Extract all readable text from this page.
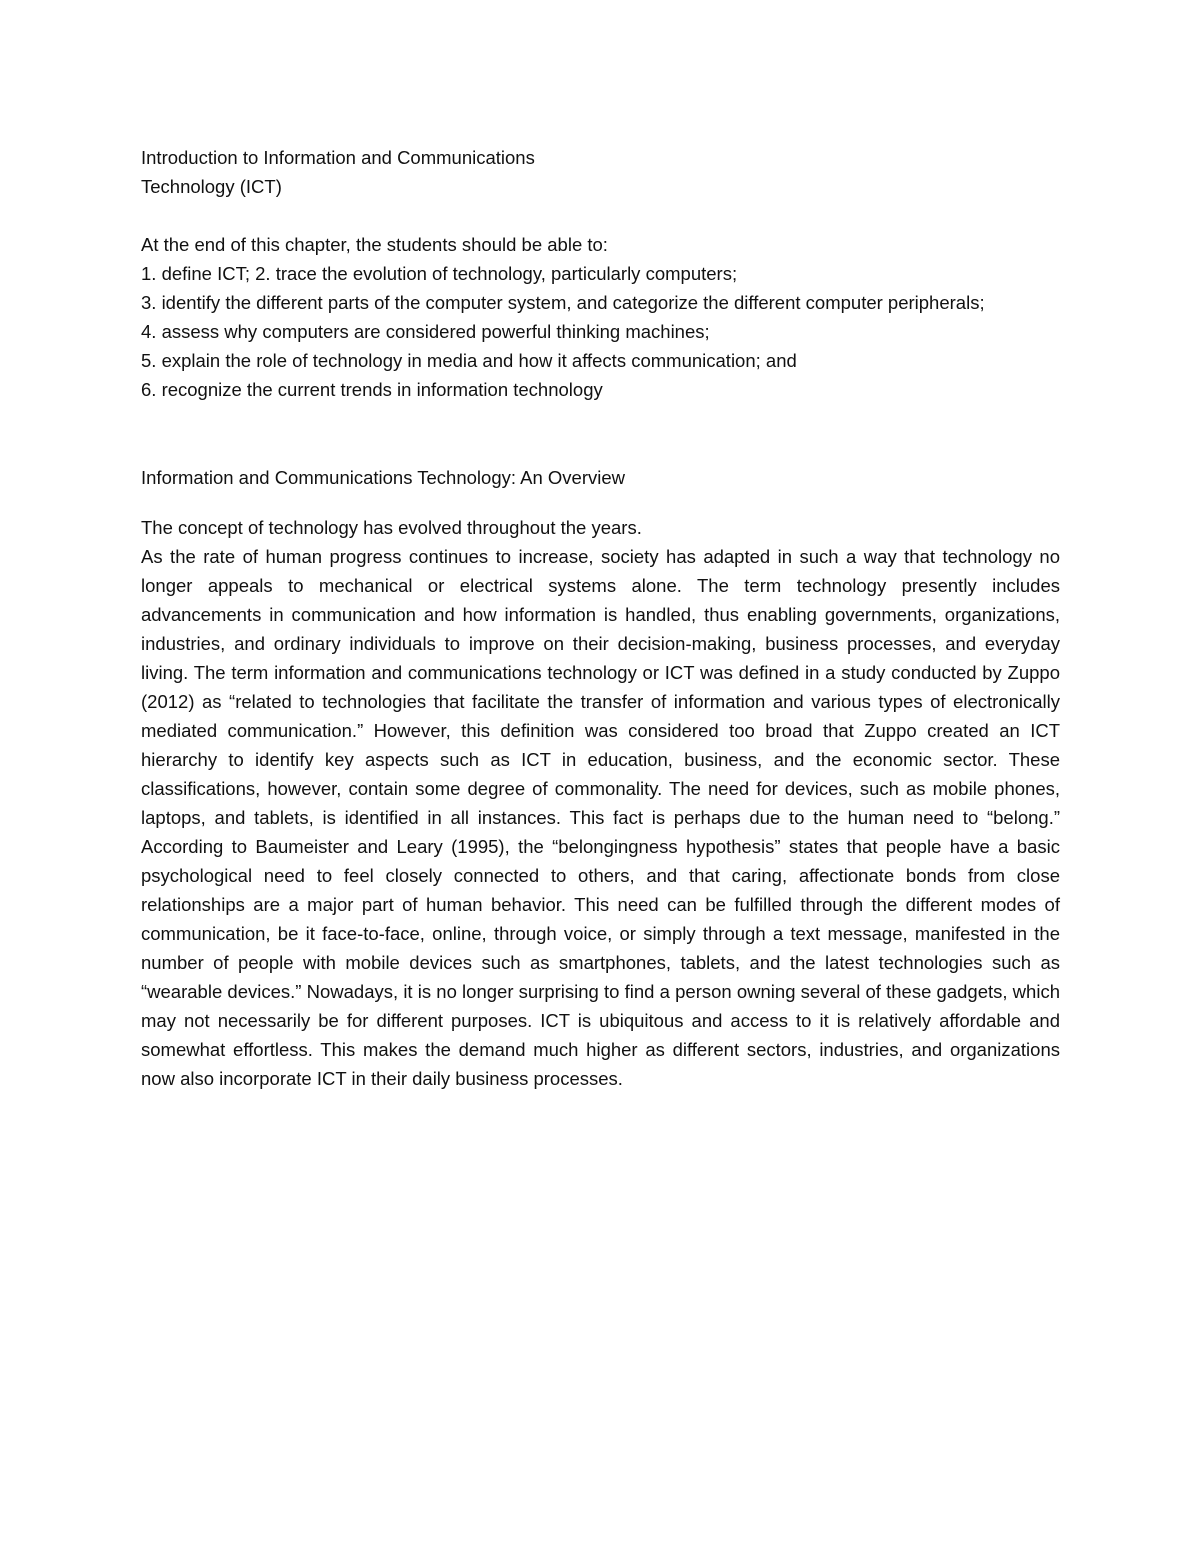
Introduction to Information and Communications

Technology (ICT)

At the end of this chapter, the students should be able to:

1. define ICT; 2. trace the evolution of technology, particularly computers;

3. identify the different parts of the computer system, and categorize the different computer peripherals;

4. assess why computers are considered powerful thinking machines;

5. explain the role of technology in media and how it affects communication; and

6. recognize the current trends in information technology

Information and Communications Technology: An Overview

The concept of technology has evolved throughout the years.

As the rate of human progress continues to increase, society has adapted in such a way that technology no longer appeals to mechanical or electrical systems alone. The term technology presently includes advancements in communication and how information is handled, thus enabling governments, organizations, industries, and ordinary individuals to improve on their decision-making, business processes, and everyday living. The term information and communications technology or ICT was defined in a study conducted by Zuppo (2012) as “related to technologies that facilitate the transfer of information and various types of electronically mediated communication.” However, this definition was considered too broad that Zuppo created an ICT hierarchy to identify key aspects such as ICT in education, business, and the economic sector. These classifications, however, contain some degree of commonality. The need for devices, such as mobile phones, laptops, and tablets, is identified in all instances. This fact is perhaps due to the human need to “belong.” According to Baumeister and Leary (1995), the “belongingness hypothesis” states that people have a basic psychological need to feel closely connected to others, and that caring, affectionate bonds from close relationships are a major part of human behavior. This need can be fulfilled through the different modes of communication, be it face-to-face, online, through voice, or simply through a text message, manifested in the number of people with mobile devices such as smartphones, tablets, and the latest technologies such as “wearable devices.” Nowadays, it is no longer surprising to find a person owning several of these gadgets, which may not necessarily be for different purposes. ICT is ubiquitous and access to it is relatively affordable and somewhat effortless. This makes the demand much higher as different sectors, industries, and organizations now also incorporate ICT in their daily business processes.
